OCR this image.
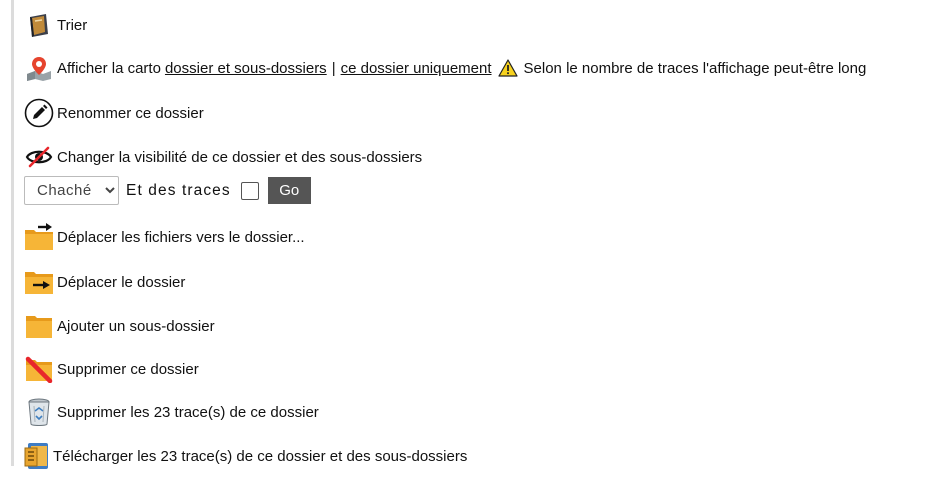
Trier
Afficher la carto dossier et sous-dossiers | ce dossier uniquement Selon le nombre de traces l'affichage peut-être long
Renommer ce dossier
Changer la visibilité de ce dossier et des sous-dossiers
Chaché
Et des traces	Go
Déplacer les fichiers vers le dossier...
Déplacer le dossier
Ajouter un sous-dossier
Supprimer ce dossier
Supprimer les 23 trace(s) de ce dossier
Télécharger les 23 trace(s) de ce dossier et des sous-dossiers
